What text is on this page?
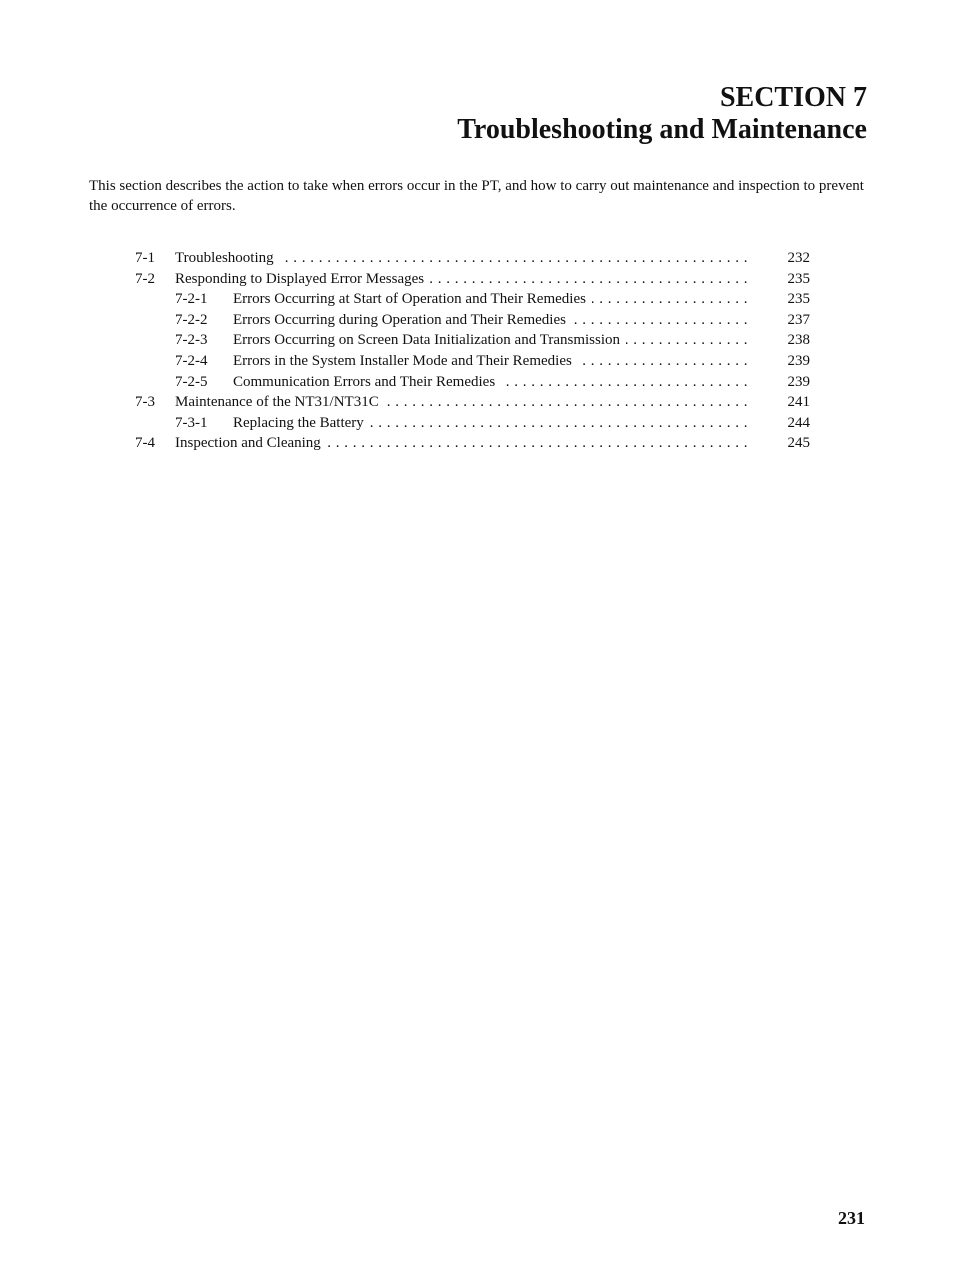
SECTION 7
Troubleshooting and Maintenance

This section describes the action to take when errors occur in the PT, and how to carry out maintenance and inspection to prevent the occurrence of errors.

7-1 Troubleshooting . . .	232
7-2 Responding to Displayed Error Messages . . .	235
7-2-1 Errors Occurring at Start of Operation and Their Remedies . . .	235
7-2-2 Errors Occurring during Operation and Their Remedies . . .	237
7-2-3 Errors Occurring on Screen Data Initialization and Transmission . . .	238
7-2-4 Errors in the System Installer Mode and Their Remedies . . .	239
7-2-5 Communication Errors and Their Remedies . . .	239
7-3 Maintenance of the NT31/NT31C . . .	241
7-3-1 Replacing the Battery . . .	244
7-4 Inspection and Cleaning . . .	245
231
